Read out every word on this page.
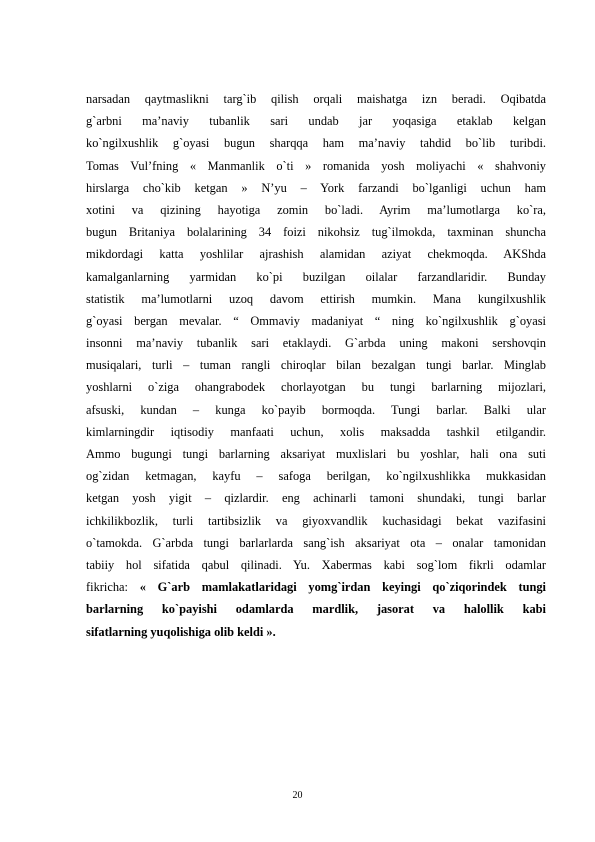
narsadan qaytmaslikni targ`ib qilish orqali maishatga izn beradi. Oqibatda
g`arbni ma’naviy tubanlik sari undab jar yoqasiga etaklab kelgan
ko`ngilxushlik g`oyasi bugun sharqqa ham ma’naviy tahdid bo`lib turibdi.
Tomas Vul’fning « Manmanlik o`ti » romanida yosh moliyachi « shahvoniy
hirslarga cho`kib ketgan » N’yu – York farzandi bo`lganligi uchun ham
xotini va qizining hayotiga zomin bo`ladi. Ayrim ma’lumotlarga ko`ra,
bugun Britaniya bolalarining 34 foizi nikohsiz tug`ilmokda, taxminan shuncha
mikdordagi katta yoshlilar ajrashish alamidan aziyat chekmoqda. AKShda
kamalganlarning yarmidan ko`pi buzilgan oilalar farzandlaridir. Bunday
statistik ma’lumotlarni uzoq davom ettirish mumkin. Mana kungilxushlik
g`oyasi bergan mevalar. “ Ommaviy madaniyat “ ning ko`ngilxushlik g`oyasi
insonni ma’naviy tubanlik sari etaklaydi. G`arbda uning makoni sershovqin
musiqalari, turli – tuman rangli chiroqlar bilan bezalgan tungi barlar. Minglab
yoshlarni o`ziga ohangrabodek chorlayotgan bu tungi barlarning mijozlari,
afsuski, kundan – kunga ko`payib bormoqda. Tungi barlar. Balki ular
kimlarningdir iqtisodiy manfaati uchun, xolis maksadda tashkil etilgandir.
Ammo bugungi tungi barlarning aksariyat muxlislari bu yoshlar, hali ona suti
og`zidan ketmagan, kayfu – safoga berilgan, ko`ngilxushlikka mukkasidan
ketgan yosh yigit – qizlardir. eng achinarli tamoni shundaki, tungi barlar
ichkilikbozlik, turli tartibsizlik va giyoxvandlik kuchasidagi bekat vazifasini
o`tamokda. G`arbda tungi barlarlarda sang`ish aksariyat ota – onalar tamonidan
tabiiy hol sifatida qabul qilinadi. Yu. Xabermas kabi sog`lom fikrli odamlar
fikricha: « G`arb mamlakatlaridagi yomg`irdan keyingi qo`ziqorindek tungi
barlarning ko`payishi odamlarda mardlik, jasorat va halollik kabi
sifatlarning yuqolishiga olib keldi ».
20
